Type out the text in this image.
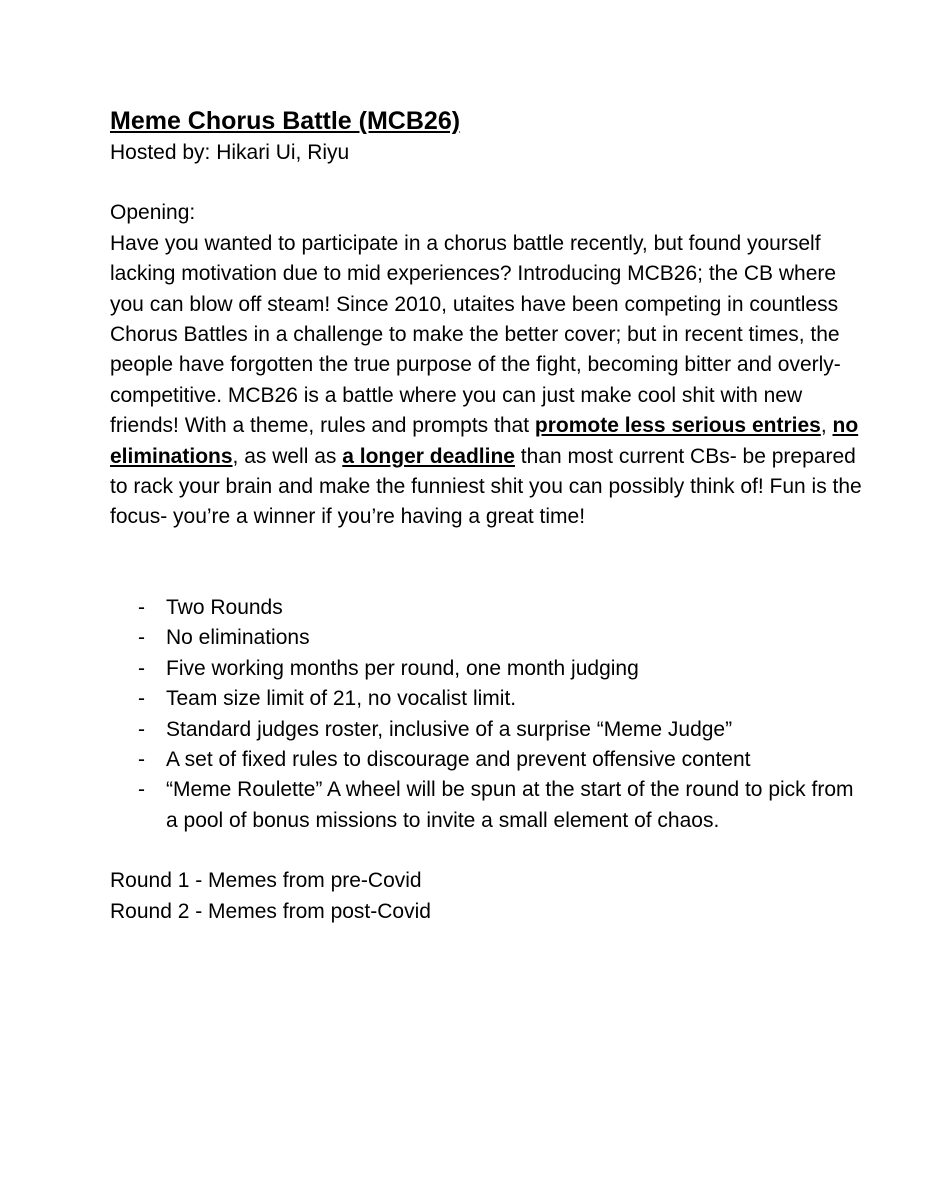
Meme Chorus Battle (MCB26)

Hosted by: Hikari Ui, Riyu

Opening:

Have you wanted to participate in a chorus battle recently, but found yourself lacking motivation due to mid experiences? Introducing MCB26; the CB where you can blow off steam! Since 2010, utaites have been competing in countless Chorus Battles in a challenge to make the better cover; but in recent times, the people have forgotten the true purpose of the fight, becoming bitter and overly-competitive. MCB26 is a battle where you can just make cool shit with new friends! With a theme, rules and prompts that promote less serious entries, no eliminations, as well as a longer deadline than most current CBs- be prepared to rack your brain and make the funniest shit you can possibly think of! Fun is the focus- you’re a winner if you’re having a great time!

- Two Rounds
- No eliminations
- Five working months per round, one month judging
- Team size limit of 21, no vocalist limit.
- Standard judges roster, inclusive of a surprise “Meme Judge”
- A set of fixed rules to discourage and prevent offensive content
- “Meme Roulette” A wheel will be spun at the start of the round to pick from a pool of bonus missions to invite a small element of chaos.
Round 1 - Memes from pre-Covid
Round 2 - Memes from post-Covid
